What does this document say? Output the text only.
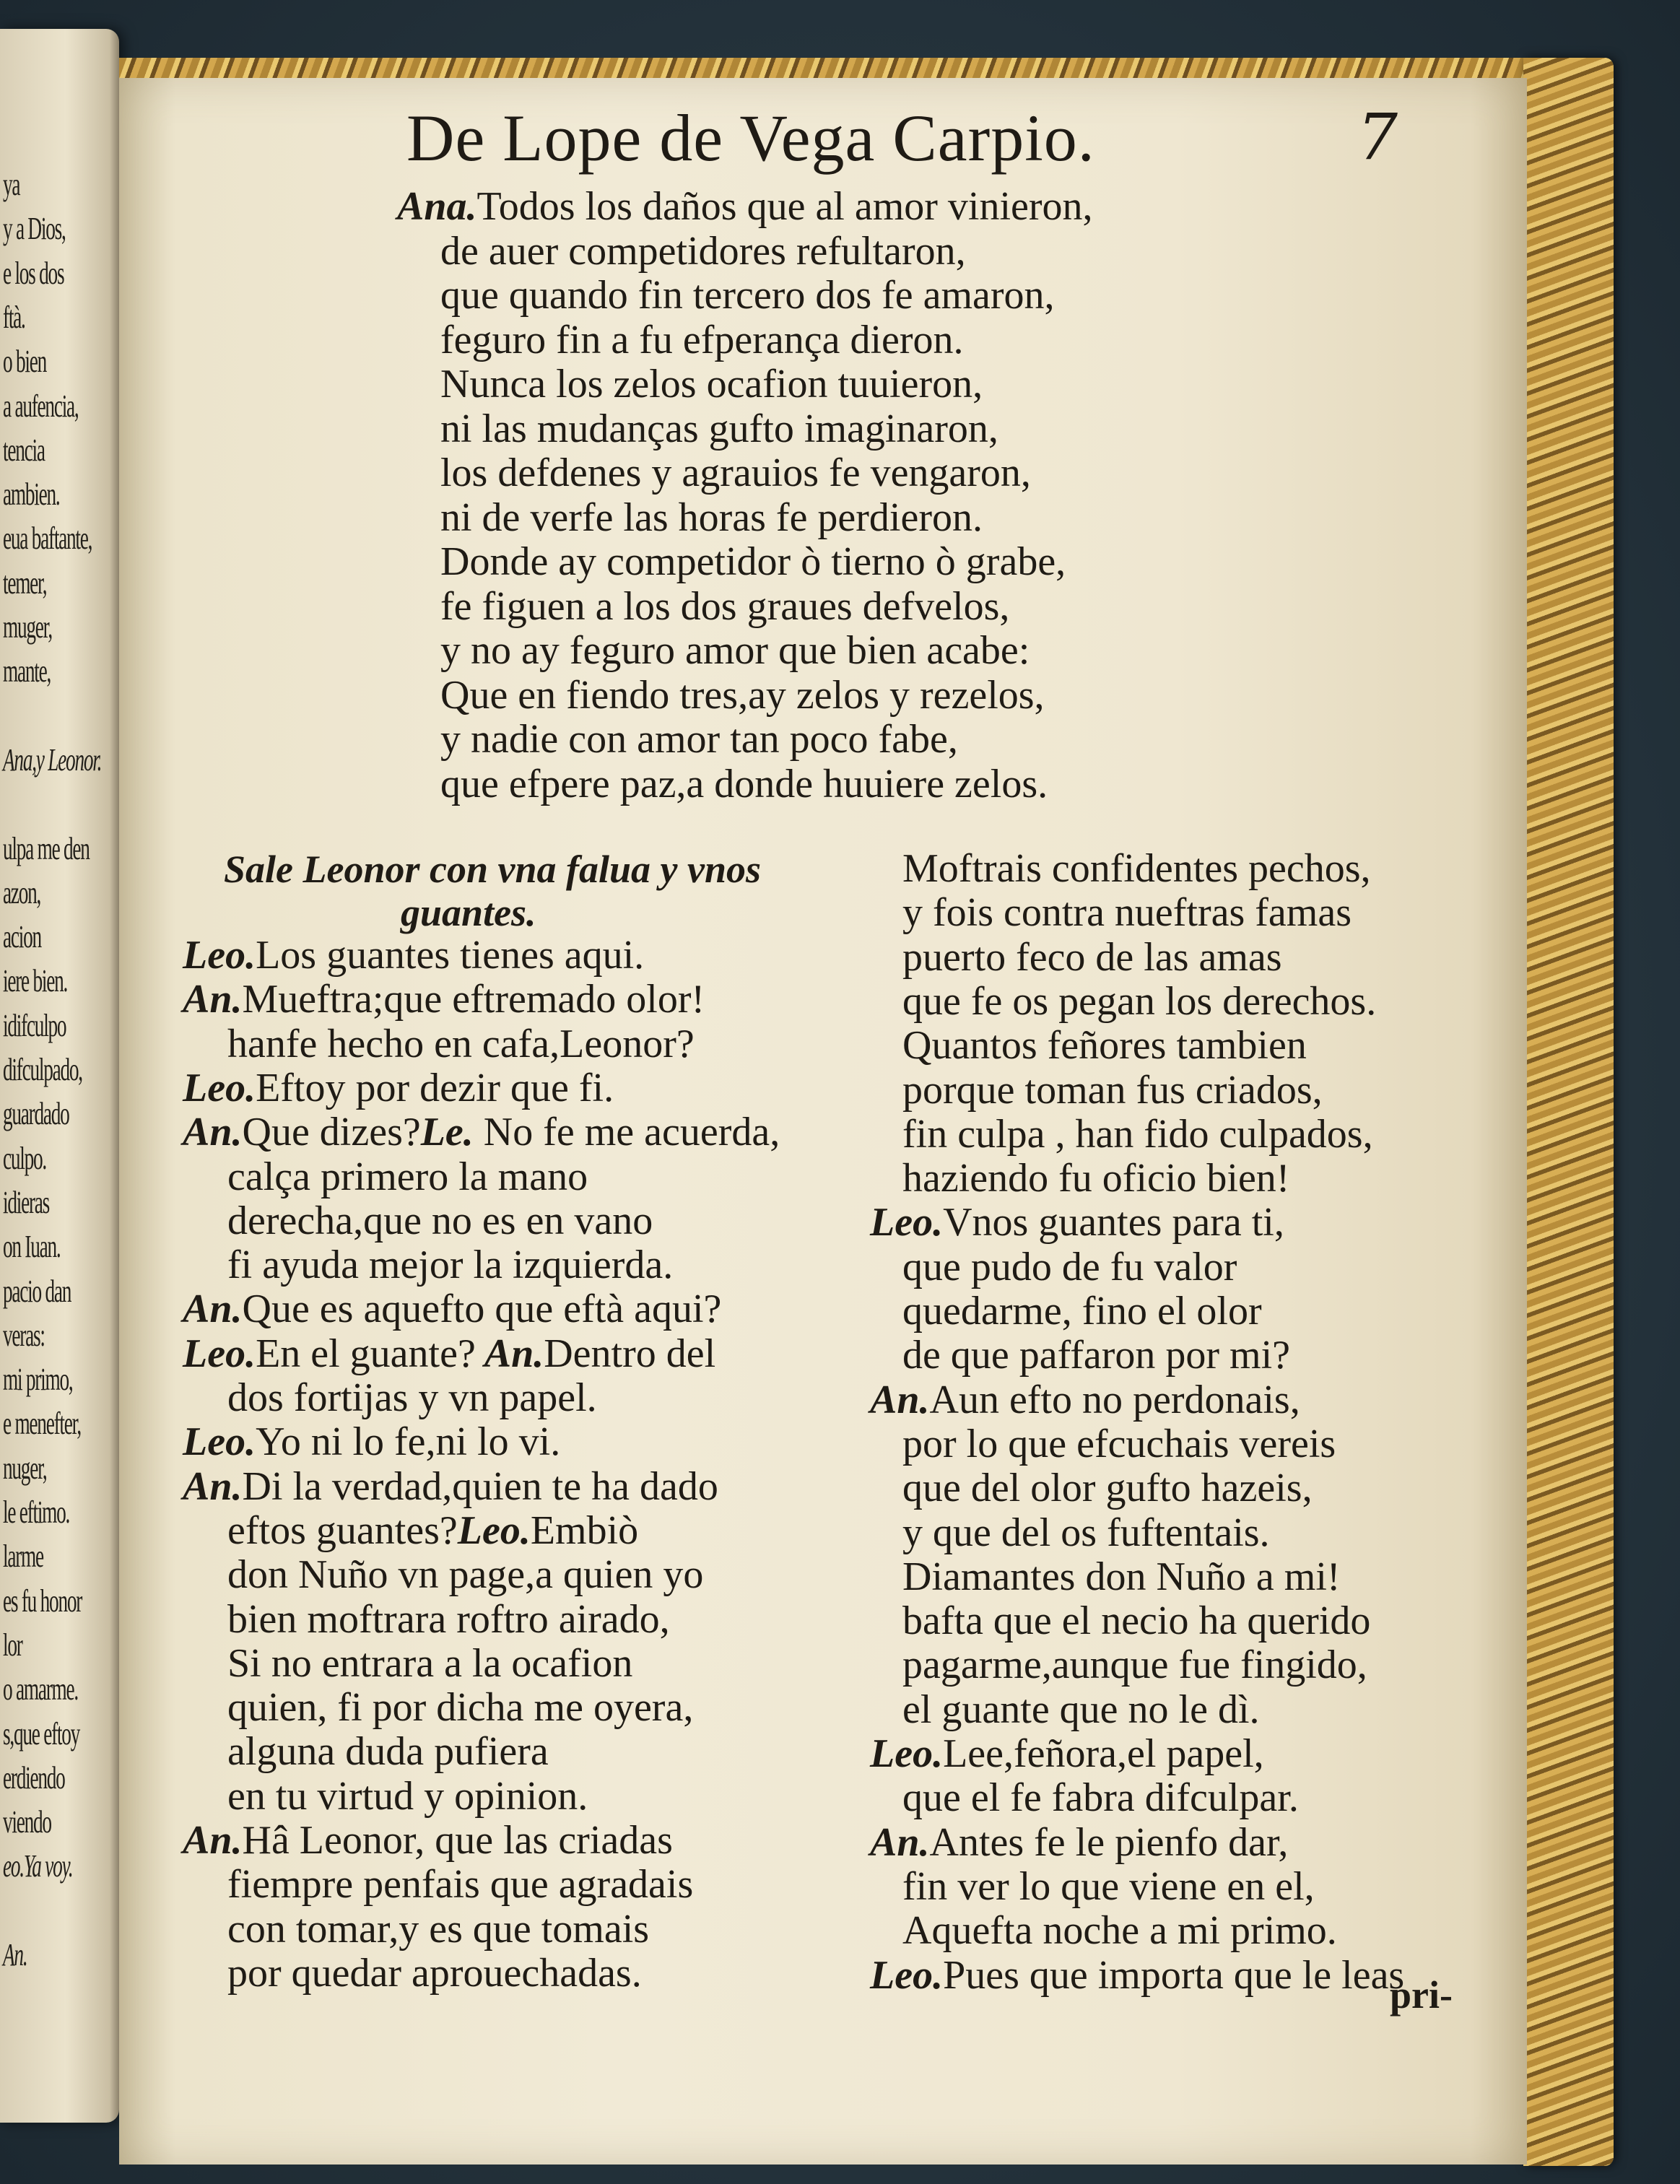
ya
y a Dios,
e los dos
ftà.
o bien
a aufencia,
tencia
ambien.
eua baftante,
temer,
muger,
mante,
Ana,y Leonor.
ulpa me den
azon,
acion
iere bien.
idifculpo
difculpado,
guardado
culpo.
idieras
on Iuan.
pacio dan
veras:
mi primo,
e menefter,
nuger,
le eftimo.
larme
es fu honor
lor
o amarme.
s,que eftoy
erdiendo
viendo
eo.Ya voy.
An.
De Lope de Vega Carpio.	7
Ana.Todos los daños que al amor vinieron,
de auer competidores refultaron,
que quando fin tercero dos fe amaron,
feguro fin a fu efperança dieron.
Nunca los zelos ocafion tuuieron,
ni las mudanças gufto imaginaron,
los defdenes y agrauios fe vengaron,
ni de verfe las horas fe perdieron.
Donde ay competidor ò tierno ò grabe,
fe figuen a los dos graues defvelos,
y no ay feguro amor que bien acabe:
Que en fiendo tres,ay zelos y rezelos,
y nadie con amor tan poco fabe,
que efpere paz,a donde huuiere zelos.
Sale Leonor con vna falua y vnos
guantes.
Leo.Los guantes tienes aqui.
An.Mueftra;que eftremado olor!
hanfe hecho en cafa,Leonor?
Leo.Eftoy por dezir que fi.
An.Que dizes?Le. No fe me acuerda,
calça primero la mano
derecha,que no es en vano
fi ayuda mejor la izquierda.
An.Que es aquefto que eftà aqui?
Leo.En el guante? An.Dentro del
dos fortijas y vn papel.
Leo.Yo ni lo fe,ni lo vi.
An.Di la verdad,quien te ha dado
eftos guantes?Leo.Embiò
don Nuño vn page,a quien yo
bien moftrara roftro airado,
Si no entrara a la ocafion
quien, fi por dicha me oyera,
alguna duda pufiera
en tu virtud y opinion.
An.Hâ Leonor, que las criadas
fiempre penfais que agradais
con tomar,y es que tomais
por quedar aprouechadas.
Moftrais confidentes pechos,
y fois contra nueftras famas
puerto feco de las amas
que fe os pegan los derechos.
Quantos feñores tambien
porque toman fus criados,
fin culpa , han fido culpados,
haziendo fu oficio bien!
Leo.Vnos guantes para ti,
que pudo de fu valor
quedarme, fino el olor
de que paffaron por mi?
An.Aun efto no perdonais,
por lo que efcuchais vereis
que del olor gufto hazeis,
y que del os fuftentais.
Diamantes don Nuño a mi!
bafta que el necio ha querido
pagarme,aunque fue fingido,
el guante que no le dì.
Leo.Lee,feñora,el papel,
que el fe fabra difculpar.
An.Antes fe le pienfo dar,
fin ver lo que viene en el,
Aquefta noche a mi primo.
Leo.Pues que importa que le leas
pri-
